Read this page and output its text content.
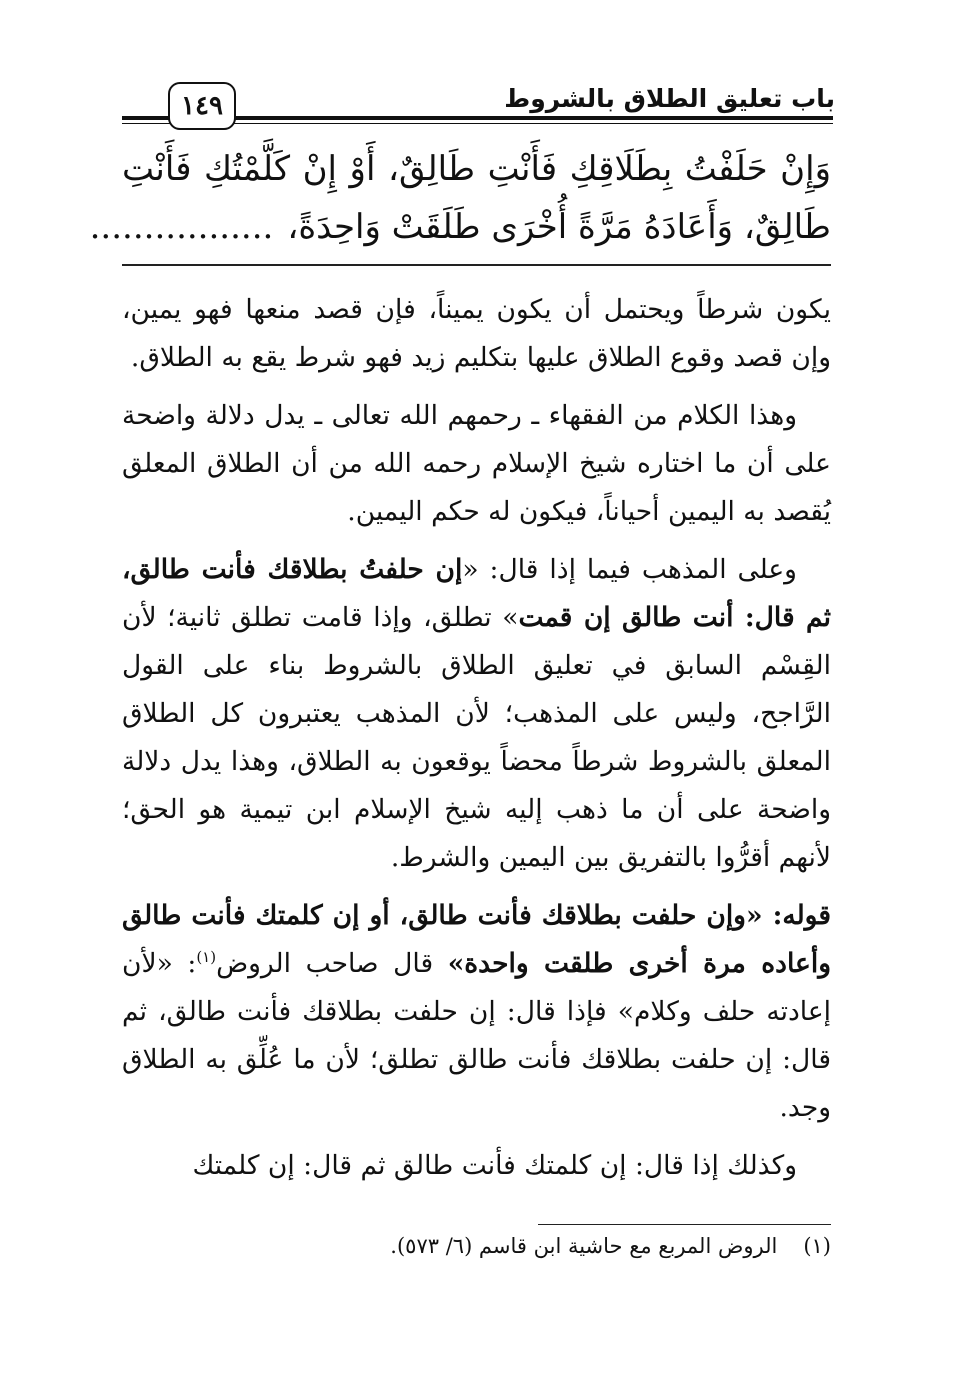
باب تعليق الطلاق بالشروط
١٤٩
وَإِنْ حَلَفْتُ بِطَلَاقِكِ فَأَنْتِ طَالِقٌ، أَوْ إِنْ كَلَّمْتُكِ فَأَنْتِ
طَالِقٌ، وَأَعَادَهُ مَرَّةً أُخْرَى طَلَقَتْ وَاحِدَةً،.................

يكون شرطاً ويحتمل أن يكون يميناً، فإن قصد منعها فهو يمين، وإن قصد وقوع الطلاق عليها بتكليم زيد فهو شرط يقع به الطلاق.

وهذا الكلام من الفقهاء ـ رحمهم الله تعالى ـ يدل دلالة واضحة على أن ما اختاره شيخ الإسلام رحمه الله من أن الطلاق المعلق يُقصد به اليمين أحياناً، فيكون له حكم اليمين.

وعلى المذهب فيما إذا قال: «إن حلفتُ بطلاقك فأنت طالق، ثم قال: أنت طالق إن قمت» تطلق، وإذا قامت تطلق ثانية؛ لأن القِسْم السابق في تعليق الطلاق بالشروط بناء على القول الرَّاجح، وليس على المذهب؛ لأن المذهب يعتبرون كل الطلاق المعلق بالشروط شرطاً محضاً يوقعون به الطلاق، وهذا يدل دلالة واضحة على أن ما ذهب إليه شيخ الإسلام ابن تيمية هو الحق؛ لأنهم أقرُّوا بالتفريق بين اليمين والشرط.

قوله: «وإن حلفت بطلاقك فأنت طالق، أو إن كلمتك فأنت طالق وأعاده مرة أخرى طلقت واحدة» قال صاحب الروض$^{(١)}$: «لأن إعادته حلف وكلام» فإذا قال: إن حلفت بطلاقك فأنت طالق، ثم قال: إن حلفت بطلاقك فأنت طالق تطلق؛ لأن ما عُلِّق به الطلاق وجد.

وكذلك إذا قال: إن كلمتك فأنت طالق ثم قال: إن كلمتك

(١)الروض المربع مع حاشية ابن قاسم (٦/ ٥٧٣).
